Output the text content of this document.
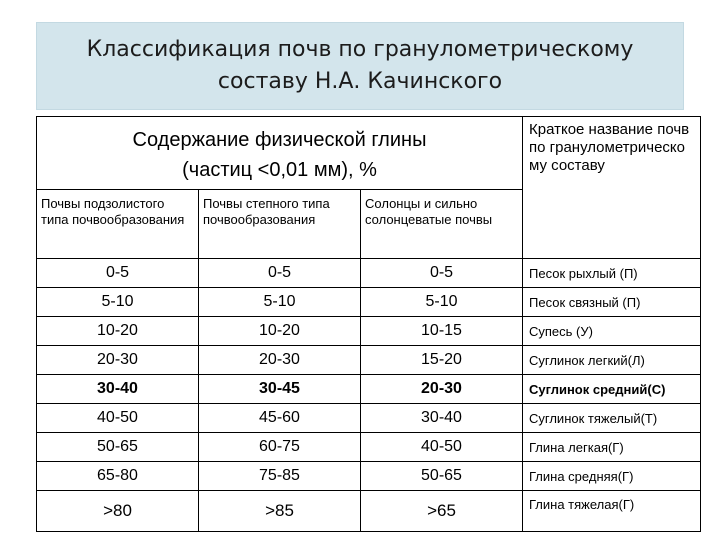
Классификация почв по гранулометрическому
составу Н.А. Качинского
Содержание физической глины
(частиц <0,01 мм), %			Краткое название почв по гранулометрическо му составу
Почвы подзолистого типа почвообразования	Почвы степного типа почвообразования	Солонцы и сильно солонцеватые почвы	
0-5	0-5	0-5	Песок рыхлый (П)
5-10	5-10	5-10	Песок связный (П)
10-20	10-20	10-15	Супесь (У)
20-30	20-30	15-20	Суглинок легкий(Л)
30-40	30-45	20-30	Суглинок средний(С)
40-50	45-60	30-40	Суглинок тяжелый(Т)
50-65	60-75	40-50	Глина легкая(Г)
65-80	75-85	50-65	Глина средняя(Г)
>80	>85	>65	Глина тяжелая(Г)
